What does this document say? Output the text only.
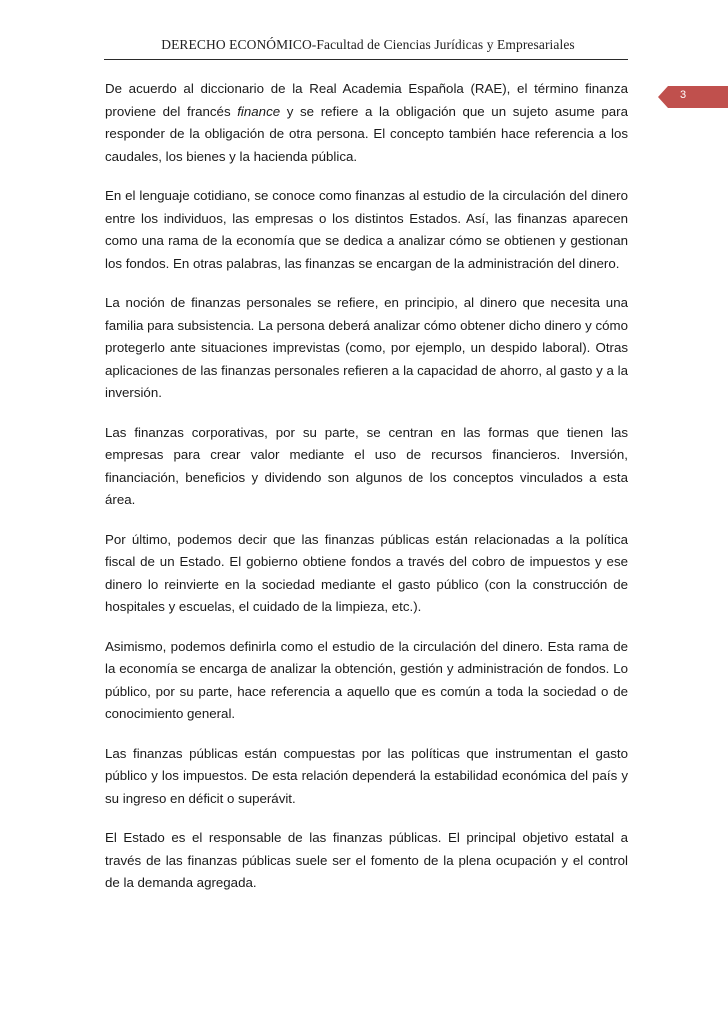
DERECHO ECONÓMICO-Facultad de Ciencias Jurídicas y Empresariales
3

De acuerdo al diccionario de la Real Academia Española (RAE), el término finanza proviene del francés finance y se refiere a la obligación que un sujeto asume para responder de la obligación de otra persona. El concepto también hace referencia a los caudales, los bienes y la hacienda pública.

En el lenguaje cotidiano, se conoce como finanzas al estudio de la circulación del dinero entre los individuos, las empresas o los distintos Estados. Así, las finanzas aparecen como una rama de la economía que se dedica a analizar cómo se obtienen y gestionan los fondos. En otras palabras, las finanzas se encargan de la administración del dinero.

La noción de finanzas personales se refiere, en principio, al dinero que necesita una familia para subsistencia. La persona deberá analizar cómo obtener dicho dinero y cómo protegerlo ante situaciones imprevistas (como, por ejemplo, un despido laboral). Otras aplicaciones de las finanzas personales refieren a la capacidad de ahorro, al gasto y a la inversión.

Las finanzas corporativas, por su parte, se centran en las formas que tienen las empresas para crear valor mediante el uso de recursos financieros. Inversión, financiación, beneficios y dividendo son algunos de los conceptos vinculados a esta área.

Por último, podemos decir que las finanzas públicas están relacionadas a la política fiscal de un Estado. El gobierno obtiene fondos a través del cobro de impuestos y ese dinero lo reinvierte en la sociedad mediante el gasto público (con la construcción de hospitales y escuelas, el cuidado de la limpieza, etc.).

Asimismo, podemos definirla como el estudio de la circulación del dinero. Esta rama de la economía se encarga de analizar la obtención, gestión y administración de fondos. Lo público, por su parte, hace referencia a aquello que es común a toda la sociedad o de conocimiento general.

Las finanzas públicas están compuestas por las políticas que instrumentan el gasto público y los impuestos. De esta relación dependerá la estabilidad económica del país y su ingreso en déficit o superávit.

El Estado es el responsable de las finanzas públicas. El principal objetivo estatal a través de las finanzas públicas suele ser el fomento de la plena ocupación y el control de la demanda agregada.
